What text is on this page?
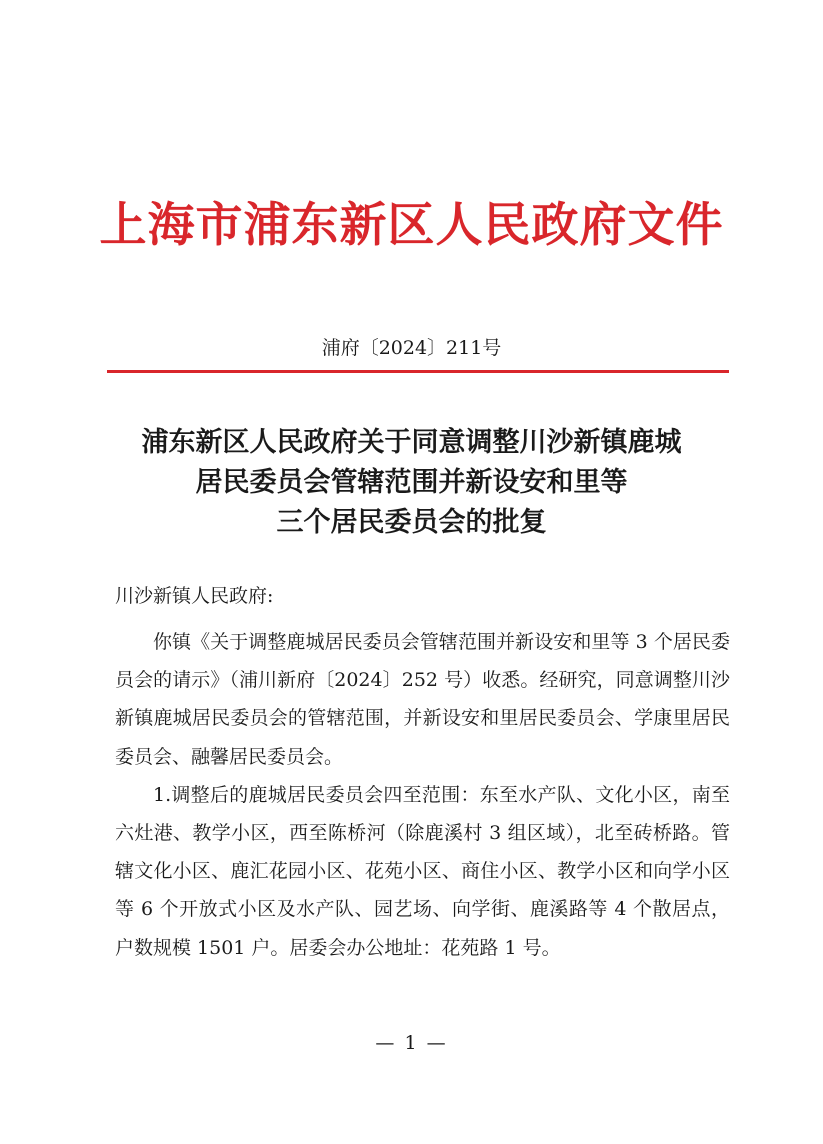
上海市浦东新区人民政府文件
浦府〔2024〕211号
浦东新区人民政府关于同意调整川沙新镇鹿城
居民委员会管辖范围并新设安和里等
三个居民委员会的批复
川沙新镇人民政府:

你镇《关于调整鹿城居民委员会管辖范围并新设安和里等 3 个居民委员会的请示》（浦川新府〔2024〕252 号）收悉。经研究，同意调整川沙新镇鹿城居民委员会的管辖范围，并新设安和里居民委员会、学康里居民委员会、融馨居民委员会。

1.调整后的鹿城居民委员会四至范围：东至水产队、文化小区，南至六灶港、教学小区，西至陈桥河（除鹿溪村 3 组区域），北至砖桥路。管辖文化小区、鹿汇花园小区、花苑小区、商住小区、教学小区和向学小区等 6 个开放式小区及水产队、园艺场、向学街、鹿溪路等 4 个散居点，户数规模 1501 户。居委会办公地址：花苑路 1 号。

— 1 —
